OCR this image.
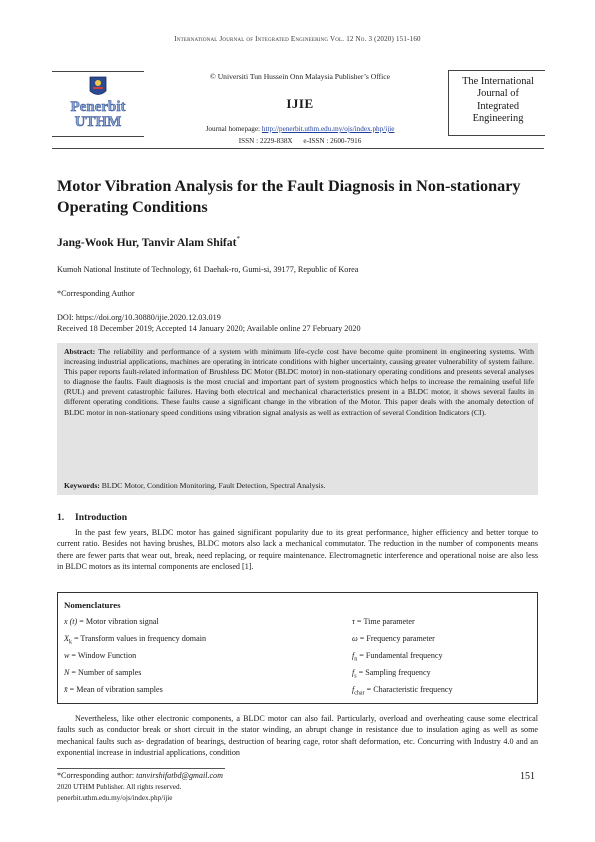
International Journal of Integrated Engineering Vol. 12 No. 3 (2020) 151-160
Penerbit
UTHM
© Universiti Tun Hussein Onn Malaysia Publisher’s Office
IJIE
Journal homepage: http://penerbit.uthm.edu.my/ojs/index.php/ijie
ISSN : 2229-838X      e-ISSN : 2600-7916
The International
Journal of
Integrated
Engineering
Motor Vibration Analysis for the Fault Diagnosis in Non-stationary Operating Conditions
Jang-Wook Hur, Tanvir Alam Shifat*
Kumoh National Institute of Technology, 61 Daehak-ro, Gumi-si, 39177, Republic of Korea
*Corresponding Author
DOI: https://doi.org/10.30880/ijie.2020.12.03.019
Received 18 December 2019; Accepted 14 January 2020; Available online 27 February 2020
Abstract: The reliability and performance of a system with minimum life-cycle cost have become quite prominent in engineering systems. With increasing industrial applications, machines are operating in intricate conditions with higher uncertainty, causing greater vulnerability of system failure. This paper reports fault-related information of Brushless DC Motor (BLDC motor) in non-stationary operating conditions and presents several analyses to diagnose the faults. Fault diagnosis is the most crucial and important part of system prognostics which helps to increase the remaining useful life (RUL) and prevent catastrophic failures. Having both electrical and mechanical characteristics present in a BLDC motor, it shows several faults in different operating conditions. These faults cause a significant change in the vibration of the Motor. This paper deals with the anomaly detection of BLDC motor in non-stationary speed conditions using vibration signal analysis as well as extraction of several Condition Indicators (CI).
Keywords: BLDC Motor, Condition Monitoring, Fault Detection, Spectral Analysis.
1. Introduction
In the past few years, BLDC motor has gained significant popularity due to its great performance, higher efficiency and better torque to current ratio. Besides not having brushes, BLDC motors also lack a mechanical commutator. The reduction in the number of components means there are fewer parts that wear out, break, need replacing, or require maintenance. Electromagnetic interference and operational noise are also less in BLDC motors as its internal components are enclosed [1].
Nomenclatures
x (t) = Motor vibration signal
$X_k$ = Transform values in frequency domain
w = Window Function
N = Number of samples
x̄ = Mean of vibration samples
τ = Time parameter
ω = Frequency parameter
$f_n$ = Fundamental frequency
$f_s$ = Sampling frequency
$f_{char}$ = Characteristic frequency
Nevertheless, like other electronic components, a BLDC motor can also fail. Particularly, overload and overheating cause some electrical faults such as conductor break or short circuit in the stator winding, an abrupt change in resistance due to insulation aging as well as some mechanical faults such as- degradation of bearings, destruction of bearing cage, rotor shaft deformation, etc. Concurring with Industry 4.0 and an exponential increase in industrial applications, condition
*Corresponding author: tanvirshifatbd@gmail.com
2020 UTHM Publisher. All rights reserved.
penerbit.uthm.edu.my/ojs/index.php/ijie
151
